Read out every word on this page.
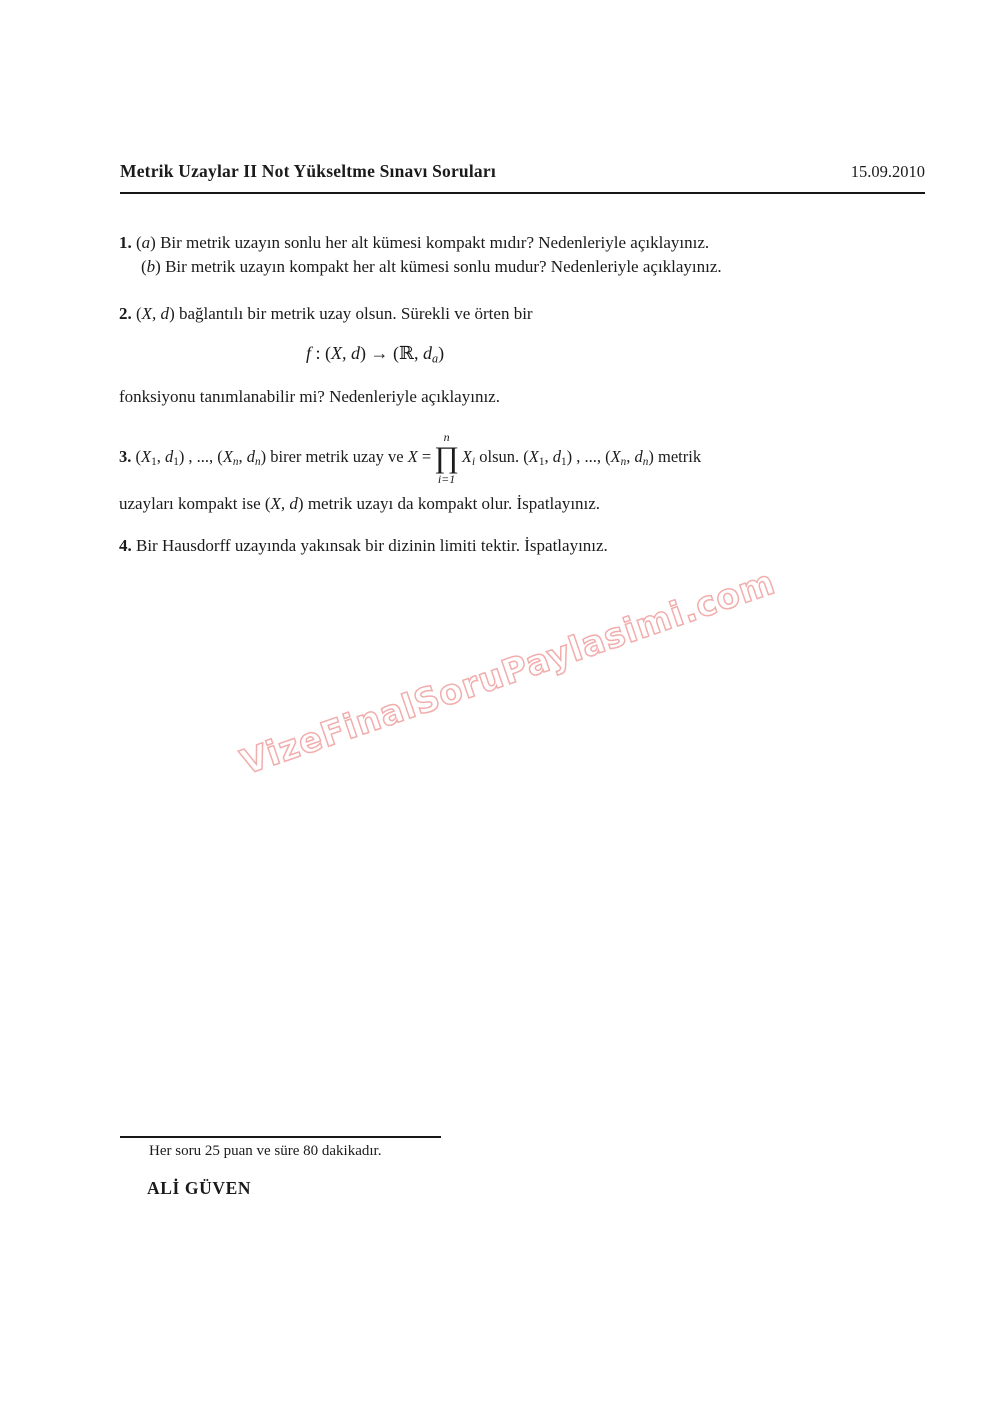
Metrik Uzaylar II Not Yükseltme Sınavı Soruları	15.09.2010

1. (a) Bir metrik uzayın sonlu her alt kümesi kompakt mıdır? Nedenleriyle açıklayınız.

(b) Bir metrik uzayın kompakt her alt kümesi sonlu mudur? Nedenleriyle açıklayınız.

2. (X, d) bağlantılı bir metrik uzay olsun. Sürekli ve örten bir

f : (X, d) → (ℝ, da)

fonksiyonu tanımlanabilir mi? Nedenleriyle açıklayınız.

3. (X1, d1) , ..., (Xn, dn) birer metrik uzay ve X =
n
∏
i=1
Xi olsun. (X1, d1) , ..., (Xn, dn) metrik

uzayları kompakt ise (X, d) metrik uzayı da kompakt olur. İspatlayınız.

4. Bir Hausdorff uzayında yakınsak bir dizinin limiti tektir. İspatlayınız.

VizeFinalSoruPaylasimi.com

Her soru 25 puan ve süre 80 dakikadır.

ALİ GÜVEN
